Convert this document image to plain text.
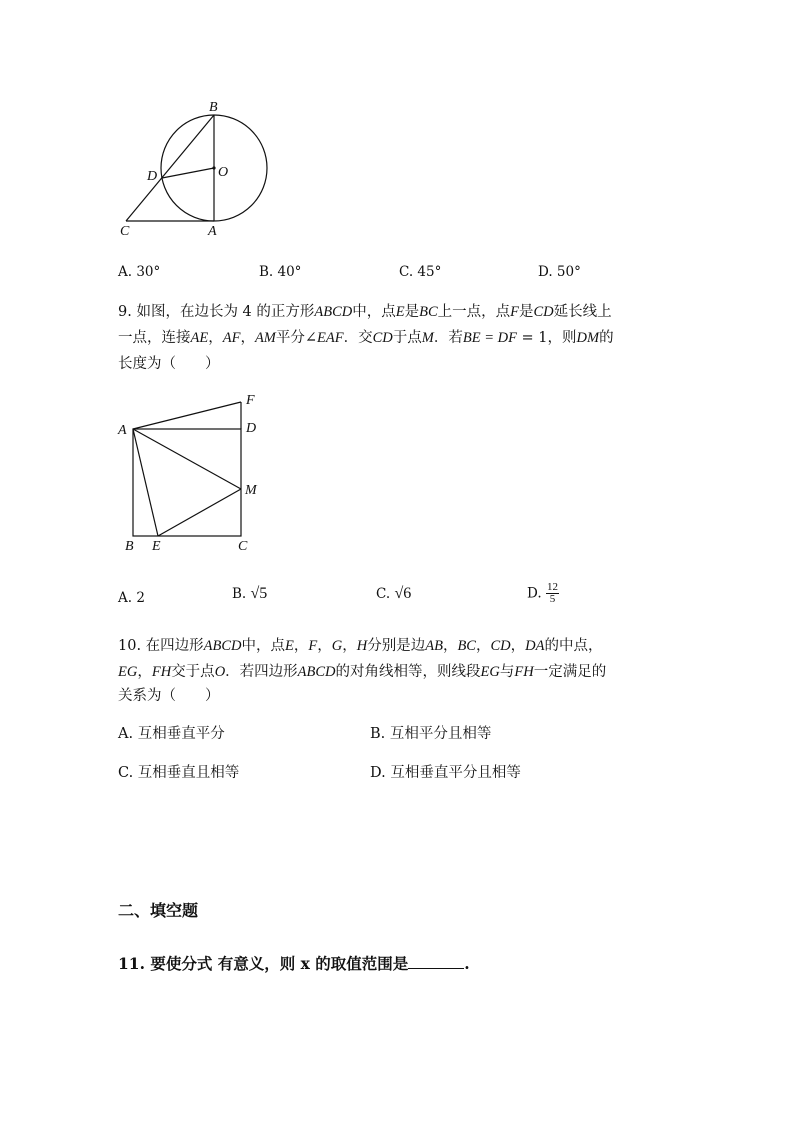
B
O
D
C	A
A. 30°	B. 40°	C. 45°	D. 50°
9. 如图，在边长为 4 的正方形ABCD中，点E是BC上一点，点F是CD延长线上
一点，连接AE，AF，AM平分∠EAF．交CD于点M．若BE = DF = 1，则DM的
长度为（　　）
A
F
D
M
B E	C
A. 2	B. √5	C. √6	D. $\frac{12}{5}$
10. 在四边形ABCD中，点E，F，G，H分别是边AB，BC，CD，DA的中点，
EG，FH交于点O．若四边形ABCD的对角线相等，则线段EG与FH一定满足的
关系为（　　）
A. 互相垂直平分	B. 互相平分且相等
C. 互相垂直且相等	D. 互相垂直平分且相等
二、填空题
11. 要使分式 有意义，则 x 的取值范围是	.
